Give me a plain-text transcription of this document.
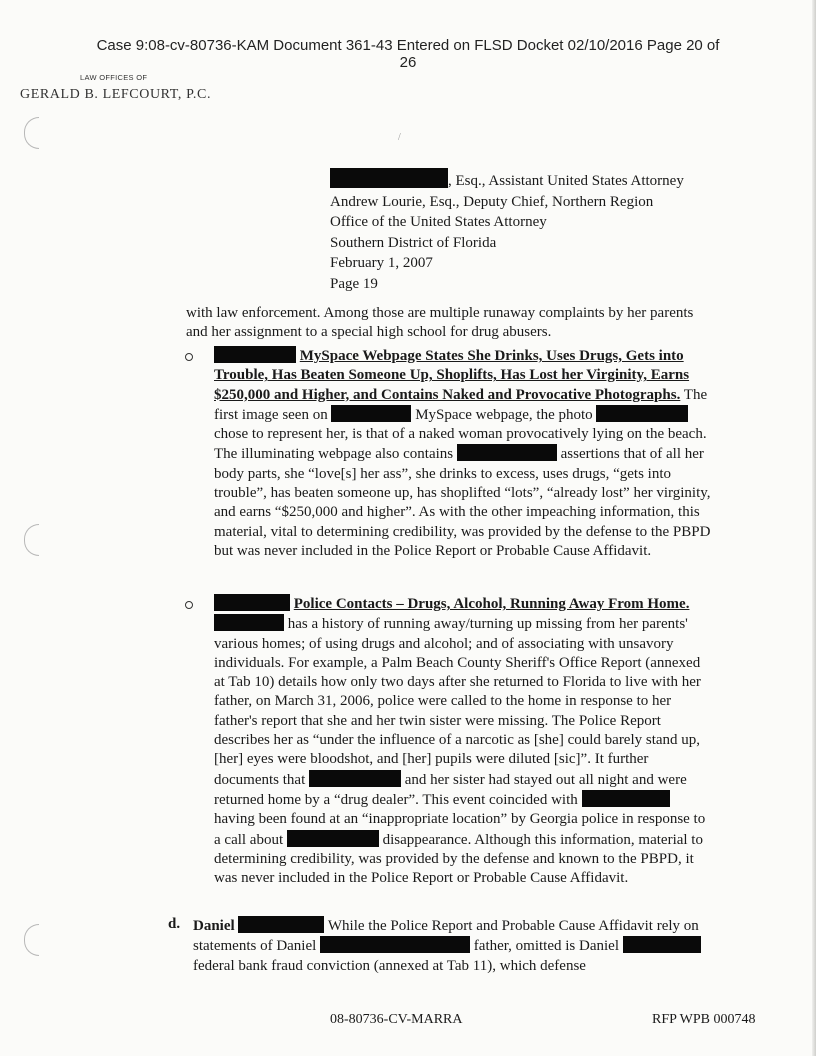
Case 9:08-cv-80736-KAM Document 361-43 Entered on FLSD Docket 02/10/2016 Page 20 of
26
LAW OFFICES OF
GERALD B. LEFCOURT, P.C.
/
, Esq., Assistant United States Attorney
Andrew Lourie, Esq., Deputy Chief, Northern Region
Office of the United States Attorney
Southern District of Florida
February 1, 2007
Page 19
with law enforcement. Among those are multiple runaway complaints by her parents and her assignment to a special high school for drug abusers.
MySpace Webpage States She Drinks, Uses Drugs, Gets into Trouble, Has Beaten Someone Up, Shoplifts, Has Lost her Virginity, Earns $250,000 and Higher, and Contains Naked and Provocative Photographs. The first image seen on	MySpace webpage, the photo  chose to represent her, is that of a naked woman provocatively lying on the beach. The illuminating webpage also contains	assertions that of all her body parts, she “love[s] her ass”, she drinks to excess, uses drugs, “gets into trouble”, has beaten someone up, has shoplifted “lots”, “already lost” her virginity, and earns “$250,000 and higher”. As with the other impeaching information, this material, vital to determining credibility, was provided by the defense to the PBPD but was never included in the Police Report or Probable Cause Affidavit.
Police Contacts – Drugs, Alcohol, Running Away From Home.  has a history of running away/turning up missing from her parents' various homes; of using drugs and alcohol; and of associating with unsavory individuals. For example, a Palm Beach County Sheriff's Office Report (annexed at Tab 10) details how only two days after she returned to Florida to live with her father, on March 31, 2006, police were called to the home in response to her father's report that she and her twin sister were missing. The Police Report describes her as “under the influence of a narcotic as [she] could barely stand up, [her] eyes were bloodshot, and [her] pupils were diluted [sic]”. It further documents that	and her sister had stayed out all night and were returned home by a “drug dealer”. This event coincided with  having been found at an “inappropriate location” by Georgia police in response to a call about	disappearance. Although this information, material to determining credibility, was provided by the defense and known to the PBPD, it was never included in the Police Report or Probable Cause Affidavit.
d. Daniel	While the Police Report and Probable Cause Affidavit rely on statements of Daniel	father, omitted is Daniel  federal bank fraud conviction (annexed at Tab 11), which defense
08-80736-CV-MARRA	RFP WPB 000748
